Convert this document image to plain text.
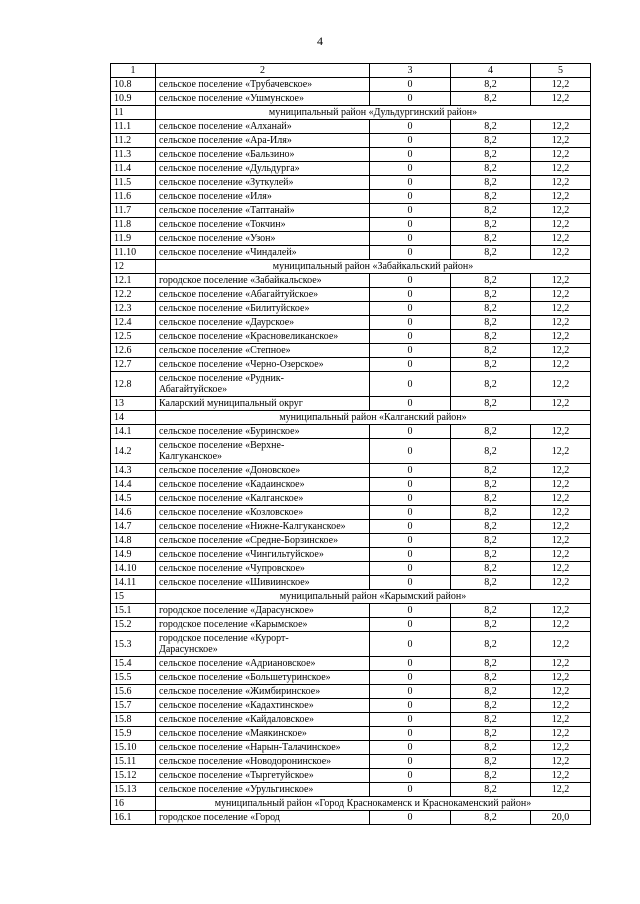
4
1	2	3	4	5
10.8	сельское поселение «Трубачевское»	0	8,2	12,2
10.9	сельское поселение «Ушмунское»	0	8,2	12,2
11	муниципальный район «Дульдургинский район»			
11.1	сельское поселение «Алханай»	0	8,2	12,2
11.2	сельское поселение «Ара-Иля»	0	8,2	12,2
11.3	сельское поселение «Бальзино»	0	8,2	12,2
11.4	сельское поселение «Дульдурга»	0	8,2	12,2
11.5	сельское поселение «Зуткулей»	0	8,2	12,2
11.6	сельское поселение «Иля»	0	8,2	12,2
11.7	сельское поселение «Таптанай»	0	8,2	12,2
11.8	сельское поселение «Токчин»	0	8,2	12,2
11.9	сельское поселение «Узон»	0	8,2	12,2
11.10	сельское поселение «Чиндалей»	0	8,2	12,2
12	муниципальный район «Забайкальский район»			
12.1	городское поселение «Забайкальское»	0	8,2	12,2
12.2	сельское поселение «Абагайтуйское»	0	8,2	12,2
12.3	сельское поселение «Билитуйское»	0	8,2	12,2
12.4	сельское поселение «Даурское»	0	8,2	12,2
12.5	сельское поселение «Красновеликанское»	0	8,2	12,2
12.6	сельское поселение «Степное»	0	8,2	12,2
12.7	сельское поселение «Черно-Озерское»	0	8,2	12,2
12.8	сельское поселение «Рудник-
Абагайтуйское»	0	8,2	12,2
13	Каларский муниципальный округ	0	8,2	12,2
14	муниципальный район «Калганский район»			
14.1	сельское поселение «Буринское»	0	8,2	12,2
14.2	сельское поселение «Верхне-
Калгуканское»	0	8,2	12,2
14.3	сельское поселение «Доновское»	0	8,2	12,2
14.4	сельское поселение «Кадаинское»	0	8,2	12,2
14.5	сельское поселение «Калганское»	0	8,2	12,2
14.6	сельское поселение «Козловское»	0	8,2	12,2
14.7	сельское поселение «Нижне-Калгуканское»	0	8,2	12,2
14.8	сельское поселение «Средне-Борзинское»	0	8,2	12,2
14.9	сельское поселение «Чингильтуйское»	0	8,2	12,2
14.10	сельское поселение «Чупровское»	0	8,2	12,2
14.11	сельское поселение «Шивиинское»	0	8,2	12,2
15	муниципальный район «Карымский район»			
15.1	городское поселение «Дарасунское»	0	8,2	12,2
15.2	городское поселение «Карымское»	0	8,2	12,2
15.3	городское поселение «Курорт-
Дарасунское»	0	8,2	12,2
15.4	сельское поселение «Адриановское»	0	8,2	12,2
15.5	сельское поселение «Большетуринское»	0	8,2	12,2
15.6	сельское поселение «Жимбиринское»	0	8,2	12,2
15.7	сельское поселение «Кадахтинское»	0	8,2	12,2
15.8	сельское поселение «Кайдаловское»	0	8,2	12,2
15.9	сельское поселение «Маякинское»	0	8,2	12,2
15.10	сельское поселение «Нарын-Талачинское»	0	8,2	12,2
15.11	сельское поселение «Новодоронинское»	0	8,2	12,2
15.12	сельское поселение «Тыргетуйское»	0	8,2	12,2
15.13	сельское поселение «Урульгинское»	0	8,2	12,2
16	муниципальный район «Город Краснокаменск и Краснокаменский район»			
16.1	городское поселение «Город	0	8,2	20,0
